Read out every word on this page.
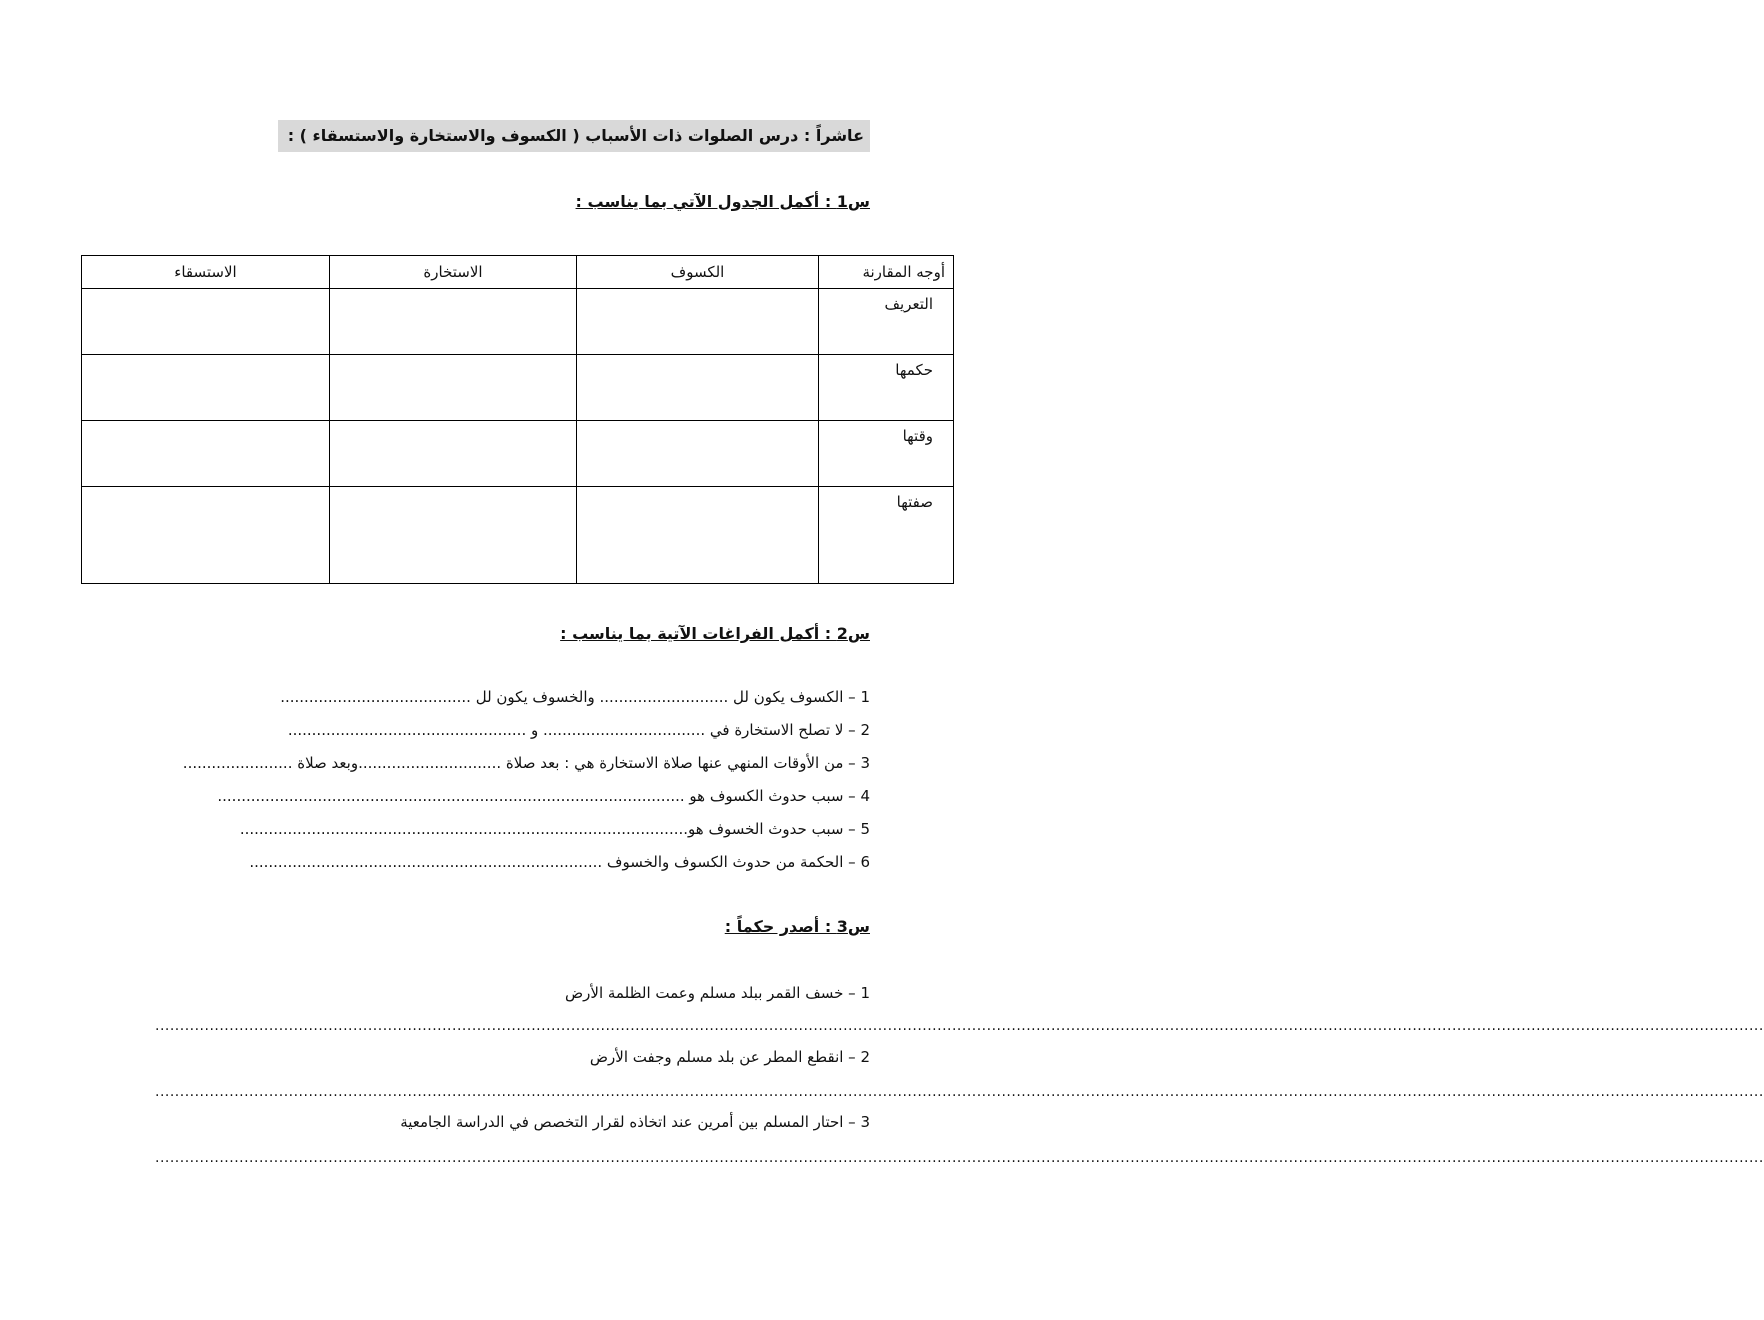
عاشراً : درس الصلوات ذات الأسباب ( الكسوف والاستخارة والاستسقاء ) :
س1 : أكمل الجدول الآتي بما يناسب :
أوجه المقارنة	الكسوف	الاستخارة	الاستسقاء
التعريف			
حكمها			
وقتها			
صفتها			
س2 : أكمل الفراغات الآتية بما يناسب :
1 – الكسوف يكون لل ........................... والخسوف يكون لل ........................................
2 – لا تصلح الاستخارة في .................................. و ..................................................
3 – من الأوقات المنهي عنها صلاة الاستخارة هي : بعد صلاة ..............................وبعد صلاة .......................
4 – سبب حدوث الكسوف هو ..................................................................................................
5 – سبب حدوث الخسوف هو..............................................................................................
6 – الحكمة من حدوث الكسوف والخسوف ..........................................................................
س3 : أصدر حكماً :
1 – خسف القمر ببلد مسلم وعمت الظلمة الأرض
.....................................................................................................................................................................................................................................................................................................................................
2 – انقطع المطر عن بلد مسلم وجفت الأرض
.....................................................................................................................................................................................................................................................................................................................................
3 – احتار المسلم بين أمرين عند اتخاذه لقرار التخصص في الدراسة الجامعية
.....................................................................................................................................................................................................................................................................................................................................
